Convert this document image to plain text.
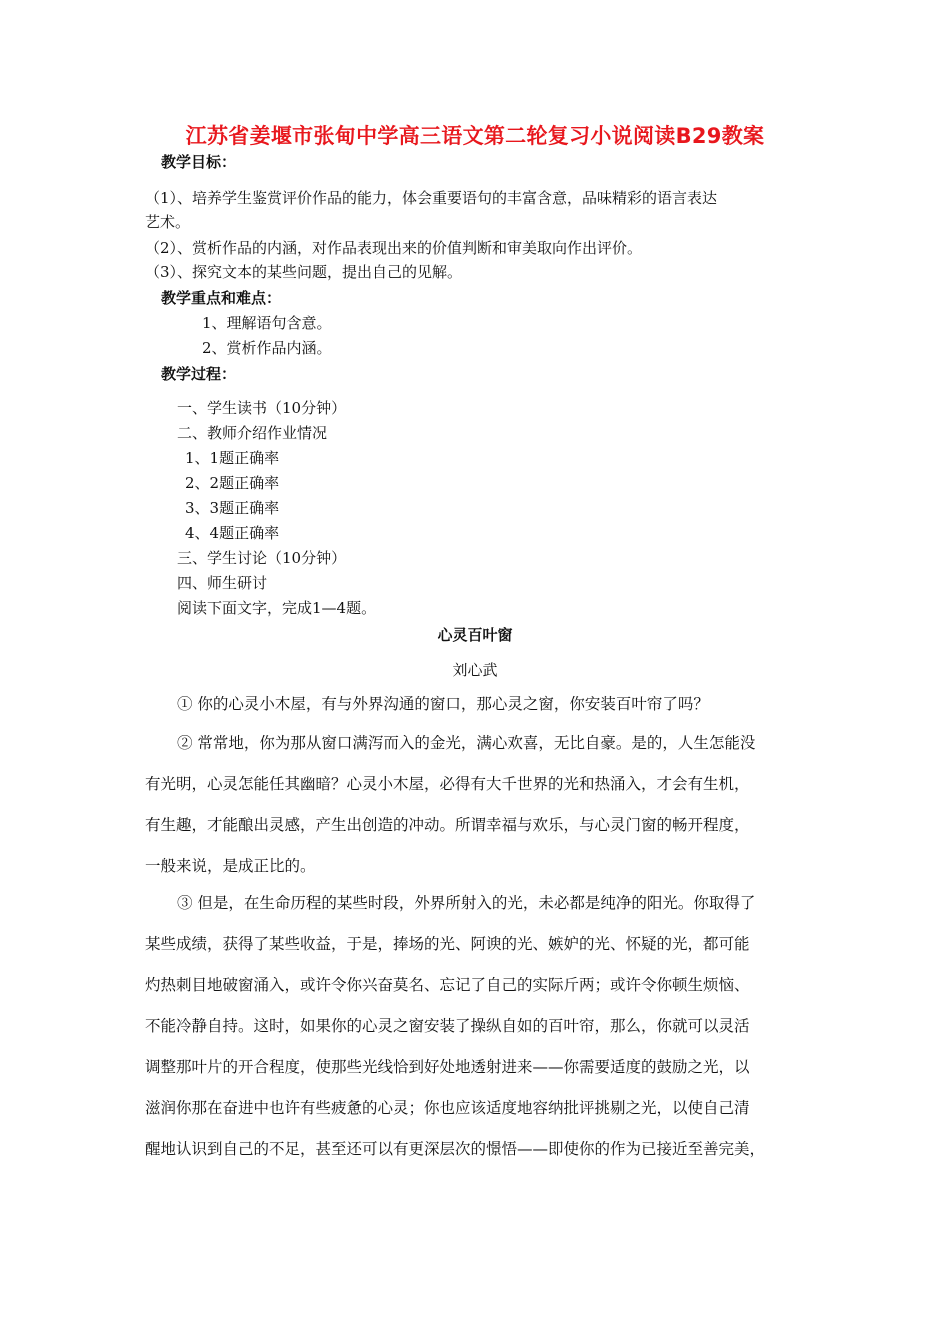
江苏省姜堰市张甸中学高三语文第二轮复习小说阅读B29教案
教学目标：
（1）、培养学生鉴赏评价作品的能力，体会重要语句的丰富含意，品味精彩的语言表达
艺术。
（2）、赏析作品的内涵，对作品表现出来的价值判断和审美取向作出评价。
（3）、探究文本的某些问题，提出自己的见解。
教学重点和难点：
1、理解语句含意。
2、赏析作品内涵。
教学过程：
一、学生读书（10分钟）
二、教师介绍作业情况
1、1题正确率
2、2题正确率
3、3题正确率
4、4题正确率
三、学生讨论（10分钟）
四、师生研讨
阅读下面文字，完成1—4题。
心灵百叶窗
刘心武
① 你的心灵小木屋，有与外界沟通的窗口，那心灵之窗，你安装百叶帘了吗？
② 常常地，你为那从窗口满泻而入的金光，满心欢喜，无比自豪。是的，人生怎能没
有光明，心灵怎能任其幽暗？心灵小木屋，必得有大千世界的光和热涌入，才会有生机，
有生趣，才能酿出灵感，产生出创造的冲动。所谓幸福与欢乐，与心灵门窗的畅开程度，
一般来说，是成正比的。
③ 但是，在生命历程的某些时段，外界所射入的光，未必都是纯净的阳光。你取得了
某些成绩，获得了某些收益，于是，捧场的光、阿谀的光、嫉妒的光、怀疑的光，都可能
灼热刺目地破窗涌入，或许令你兴奋莫名、忘记了自己的实际斤两；或许令你顿生烦恼、
不能冷静自持。这时，如果你的心灵之窗安装了操纵自如的百叶帘，那么，你就可以灵活
调整那叶片的开合程度，使那些光线恰到好处地透射进来——你需要适度的鼓励之光，以
滋润你那在奋进中也许有些疲惫的心灵；你也应该适度地容纳批评挑剔之光，以使自己清
醒地认识到自己的不足，甚至还可以有更深层次的憬悟——即使你的作为已接近至善完美，
